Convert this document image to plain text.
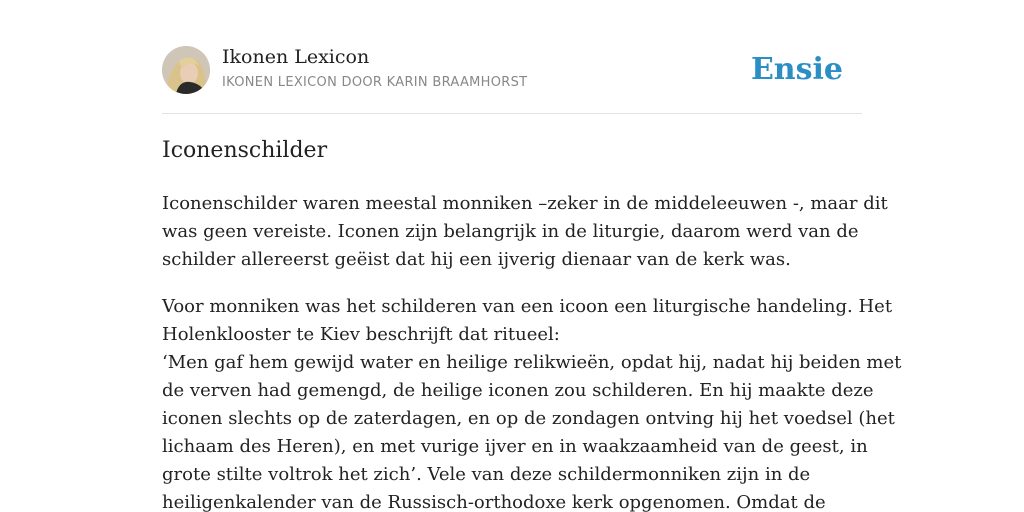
Ikonen Lexicon
IKONEN LEXICON DOOR KARIN BRAAMHORST	Ensie
Iconenschilder

Iconenschilder waren meestal monniken –zeker in de middeleeuwen -, maar dit
was geen vereiste. Iconen zijn belangrijk in de liturgie, daarom werd van de
schilder allereerst geëist dat hij een ijverig dienaar van de kerk was.

Voor monniken was het schilderen van een icoon een liturgische handeling. Het
Holenklooster te Kiev beschrijft dat ritueel:
‘Men gaf hem gewijd water en heilige relikwieën, opdat hij, nadat hij beiden met
de verven had gemengd, de heilige iconen zou schilderen. En hij maakte deze
iconen slechts op de zaterdagen, en op de zondagen ontving hij het voedsel (het
lichaam des Heren), en met vurige ijver en in waakzaamheid van de geest, in
grote stilte voltrok het zich’. Vele van deze schildermonniken zijn in de
heiligenkalender van de Russisch-orthodoxe kerk opgenomen. Omdat de
